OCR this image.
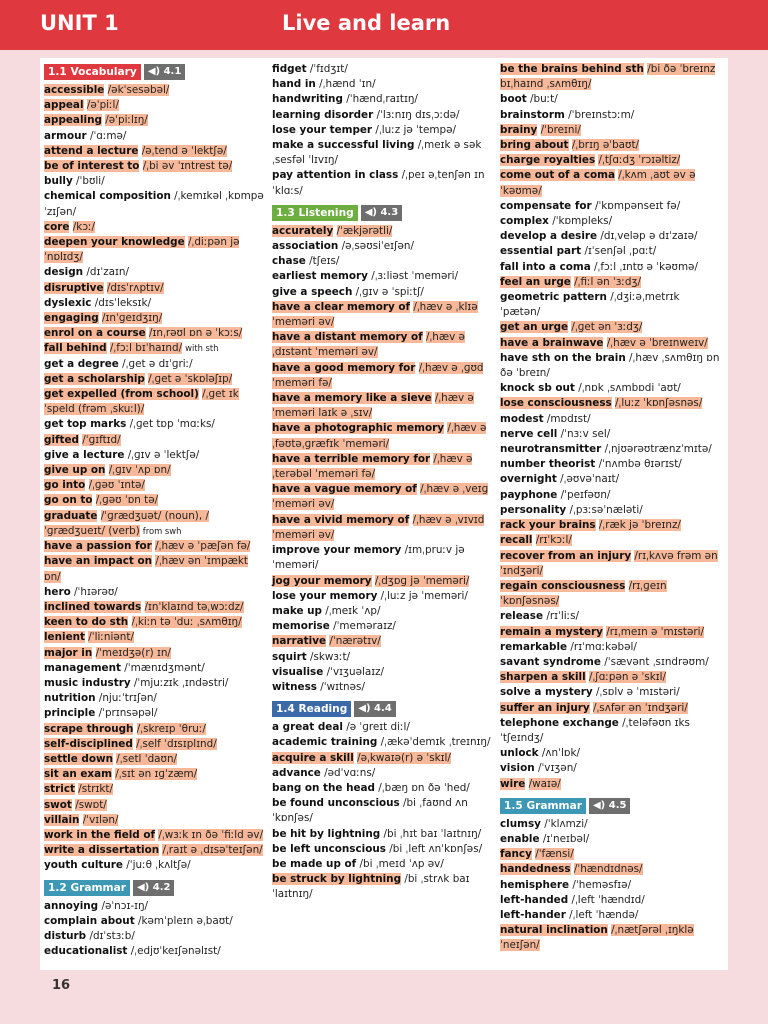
UNIT 1	Live and learn
1.1 Vocabulary ◀) 4.1

accessible /əkˈsesəbəl/

appeal /əˈpiːl/

appealing /əˈpiːlɪŋ/

armour /ˈɑːmə/

attend a lecture /əˌtend ə ˈlektʃə/

be of interest to /ˌbi əv ˈɪntrest tə/

bully /ˈbʊli/

chemical composition /ˌkemɪkəl ˌkɒmpəˈzɪʃən/

core /kɔː/

deepen your knowledge /ˌdiːpən jə ˈnɒlɪdʒ/

design /dɪˈzaɪn/

disruptive /dɪsˈrʌptɪv/

dyslexic /dɪsˈleksɪk/

engaging /ɪnˈɡeɪdʒɪŋ/

enrol on a course /ɪnˌrəʊl ɒn ə ˈkɔːs/

fall behind /ˌfɔːl bɪˈhaɪnd/ with sth

get a degree /ˌɡet ə dɪˈɡriː/

get a scholarship /ˌɡet ə ˈskɒləʃɪp/

get expelled (from school) /ˌɡet ɪkˈspeld (frəm ˌskuːl)/

get top marks /ˌɡet tɒp ˈmɑːks/

gifted /ˈɡɪftɪd/

give a lecture /ˌɡɪv ə ˈlektʃə/

give up on /ˌɡɪv ˈʌp ɒn/

go into /ˌɡəʊ ˈɪntə/

go on to /ˌɡəʊ ˈɒn tə/

graduate /ˈɡrædʒuət/ (noun), /ˈɡrædʒueɪt/ (verb) from swh

have a passion for /ˌhæv ə ˈpæʃən fə/

have an impact on /ˌhæv ən ˈɪmpækt ɒn/

hero /ˈhɪərəʊ/

inclined towards /ɪnˈklaɪnd təˌwɔːdz/

keen to do sth /ˌkiːn tə ˈduː ˌsʌmθɪŋ/

lenient /ˈliːniənt/

major in /ˈmeɪdʒə(r) ɪn/

management /ˈmænɪdʒmənt/

music industry /ˈmjuːzɪk ˌɪndəstri/

nutrition /njuːˈtrɪʃən/

principle /ˈprɪnsəpəl/

scrape through /ˌskreɪp ˈθruː/

self-disciplined /ˌself ˈdɪsɪplɪnd/

settle down /ˌsetl ˈdaʊn/

sit an exam /ˌsɪt ən ɪɡˈzæm/

strict /strɪkt/

swot /swɒt/

villain /ˈvɪlən/

work in the field of /ˌwɜːk ɪn ðə ˈfiːld əv/

write a dissertation /ˌraɪt ə ˌdɪsəˈteɪʃən/

youth culture /ˈjuːθ ˌkʌltʃə/

1.2 Grammar ◀) 4.2

annoying /əˈnɔɪ-ɪŋ/

complain about /kəmˈpleɪn əˌbaʊt/

disturb /dɪˈstɜːb/

educationalist /ˌedjʊˈkeɪʃənəlɪst/

fidget /ˈfɪdʒɪt/

hand in /ˌhænd ˈɪn/

handwriting /ˈhændˌraɪtɪŋ/

learning disorder /ˈlɜːnɪŋ dɪsˌɔːdə/

lose your temper /ˌluːz jə ˈtempə/

make a successful living /ˌmeɪk ə səkˌsesfəl ˈlɪvɪŋ/

pay attention in class /ˌpeɪ əˌtenʃən ɪn ˈklɑːs/

1.3 Listening ◀) 4.3

accurately /ˈækjərətli/

association /əˌsəʊsiˈeɪʃən/

chase /tʃeɪs/

earliest memory /ˌɜːliəst ˈmeməri/

give a speech /ˌɡɪv ə ˈspiːtʃ/

have a clear memory of /ˌhæv ə ˌklɪə ˈmeməri əv/

have a distant memory of /ˌhæv ə ˌdɪstənt ˈmeməri əv/

have a good memory for /ˌhæv ə ˌɡʊd ˈmeməri fə/

have a memory like a sieve /ˌhæv ə ˈmeməri laɪk ə ˌsɪv/

have a photographic memory /ˌhæv ə ˌfəʊtəˌɡræfɪk ˈmeməri/

have a terrible memory for /ˌhæv ə ˌterəbəl ˈmeməri fə/

have a vague memory of /ˌhæv ə ˌveɪɡ ˈmeməri əv/

have a vivid memory of /ˌhæv ə ˌvɪvɪd ˈmeməri əv/

improve your memory /ɪmˌpruːv jə ˈmeməri/

jog your memory /ˌdʒɒɡ jə ˈmeməri/

lose your memory /ˌluːz jə ˈmeməri/

make up /ˌmeɪk ˈʌp/

memorise /ˈmeməraɪz/

narrative /ˈnærətɪv/

squirt /skwɜːt/

visualise /ˈvɪʒuəlaɪz/

witness /ˈwɪtnəs/

1.4 Reading ◀) 4.4

a great deal /ə ˈɡreɪt diːl/

academic training /ˌækəˈdemɪk ˌtreɪnɪŋ/

acquire a skill /əˌkwaɪə(r) ə ˈskɪl/

advance /ədˈvɑːns/

bang on the head /ˌbæŋ ɒn ðə ˈhed/

be found unconscious /bi ˌfaʊnd ʌnˈkɒnʃəs/

be hit by lightning /bi ˌhɪt baɪ ˈlaɪtnɪŋ/

be left unconscious /bi ˌleft ʌnˈkɒnʃəs/

be made up of /bi ˌmeɪd ˈʌp əv/

be struck by lightning /bi ˌstrʌk baɪ ˈlaɪtnɪŋ/

be the brains behind sth /bi ðə ˈbreɪnz bɪˌhaɪnd ˌsʌmθɪŋ/

boot /buːt/

brainstorm /ˈbreɪnstɔːm/

brainy /ˈbreɪni/

bring about /ˌbrɪŋ əˈbaʊt/

charge royalties /ˌtʃɑːdʒ ˈrɔɪəltiz/

come out of a coma /ˌkʌm ˌaʊt əv ə ˈkəʊmə/

compensate for /ˈkɒmpənseɪt fə/

complex /ˈkɒmpleks/

develop a desire /dɪˌveləp ə dɪˈzaɪə/

essential part /ɪˈsenʃəl ˌpɑːt/

fall into a coma /ˌfɔːl ˌɪntʊ ə ˈkəʊmə/

feel an urge /ˌfiːl ən ˈɜːdʒ/

geometric pattern /ˌdʒiːəˌmetrɪk ˈpætən/

get an urge /ˌɡet ən ˈɜːdʒ/

have a brainwave /ˌhæv ə ˈbreɪnweɪv/

have sth on the brain /ˌhæv ˌsʌmθɪŋ ɒn ðə ˈbreɪn/

knock sb out /ˌnɒk ˌsʌmbɒdi ˈaʊt/

lose consciousness /ˌluːz ˈkɒnʃəsnəs/

modest /mɒdɪst/

nerve cell /ˈnɜːv sel/

neurotransmitter /ˌnjʊərəʊtrænzˈmɪtə/

number theorist /ˈnʌmbə θɪərɪst/

overnight /ˌəʊvəˈnaɪt/

payphone /ˈpeɪfəʊn/

personality /ˌpɜːsəˈnæləti/

rack your brains /ˌræk jə ˈbreɪnz/

recall /rɪˈkɔːl/

recover from an injury /rɪˌkʌvə frəm ən ˈɪndʒəri/

regain consciousness /rɪˌɡeɪn ˈkɒnʃəsnəs/

release /rɪˈliːs/

remain a mystery /rɪˌmeɪn ə ˈmɪstəri/

remarkable /rɪˈmɑːkəbəl/

savant syndrome /ˈsævənt ˌsɪndrəʊm/

sharpen a skill /ˌʃɑːpən ə ˈskɪl/

solve a mystery /ˌsɒlv ə ˈmɪstəri/

suffer an injury /ˌsʌfər ən ˈɪndʒəri/

telephone exchange /ˌteləfəʊn ɪksˈtʃeɪndʒ/

unlock /ʌnˈlɒk/

vision /ˈvɪʒən/

wire /waɪə/

1.5 Grammar ◀) 4.5

clumsy /ˈklʌmzi/

enable /ɪˈneɪbəl/

fancy /ˈfænsi/

handedness /ˈhændɪdnəs/

hemisphere /ˈheməsfɪə/

left-handed /ˌleft ˈhændɪd/

left-hander /ˌleft ˈhændə/

natural inclination /ˌnætʃərəl ˌɪŋkləˈneɪʃən/

16
